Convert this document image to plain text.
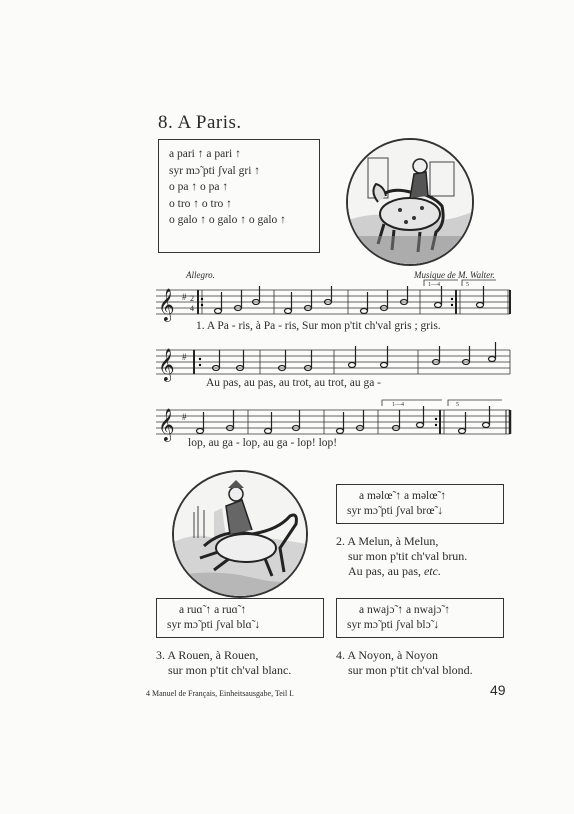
8. A Paris.
a pari ↑ a pari ↑
syr mɔ̃ pti ʃval gri ↑
o pa ↑ o pa ↑
o tro ↑ o tro ↑
o galo ↑ o galo ↑ o galo ↑
Allegro.	Musique de M. Walter.
𝄞 # 2
4
1—4	5
1. A Pa - ris, à Pa - ris, Sur mon p'tit ch'val gris ; gris.
𝄞 #
Au pas, au pas, au trot, au trot, au ga -
𝄞 #
1—4	5
lop, au ga - lop, au ga - lop! lop!
a məlœ̃ ↑ a məlœ̃ ↑
syr mɔ̃ pti ʃval brœ̃ ↓
2. A Melun, à Melun,
sur mon p'tit ch'val brun.
Au pas, au pas, etc.
a ruɑ̃ ↑ a ruɑ̃ ↑
syr mɔ̃ pti ʃval blɑ̃ ↓
3. A Rouen, à Rouen,
sur mon p'tit ch'val blanc.
a nwajɔ̃ ↑ a nwajɔ̃ ↑
syr mɔ̃ pti ʃval blɔ̃ ↓
4. A Noyon, à Noyon
sur mon p'tit ch'val blond.
4 Manuel de Français, Einheitsausgabe, Teil I.	49
